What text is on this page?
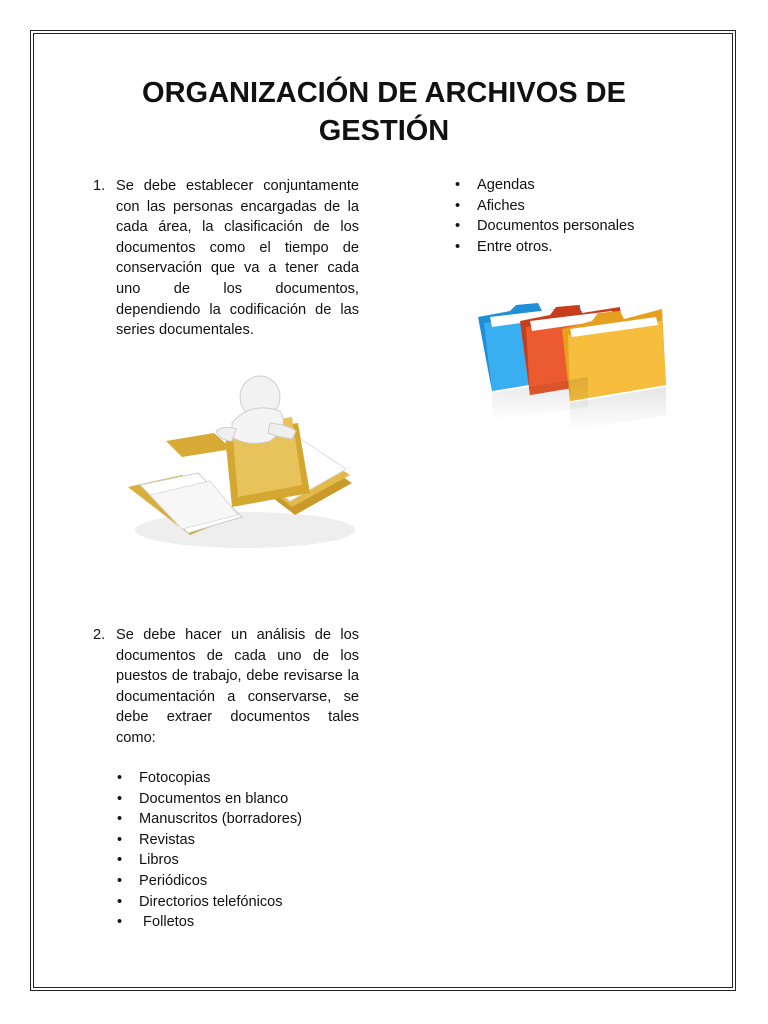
ORGANIZACIÓN DE ARCHIVOS DE GESTIÓN
1. Se debe establecer conjuntamente con las personas encargadas de la cada área, la clasificación de los documentos como el tiempo de conservación que va a tener cada uno de los documentos, dependiendo la codificación de las series documentales.

2. Se debe hacer un análisis de los documentos de cada uno de los puestos de trabajo, debe revisarse la documentación a conservarse, se debe extraer documentos tales como:

• Fotocopias
• Documentos en blanco
• Manuscritos (borradores)
• Revistas
• Libros
• Periódicos
• Directorios telefónicos
• Folletos
• Agendas
• Afiches
• Documentos personales
• Entre otros.
